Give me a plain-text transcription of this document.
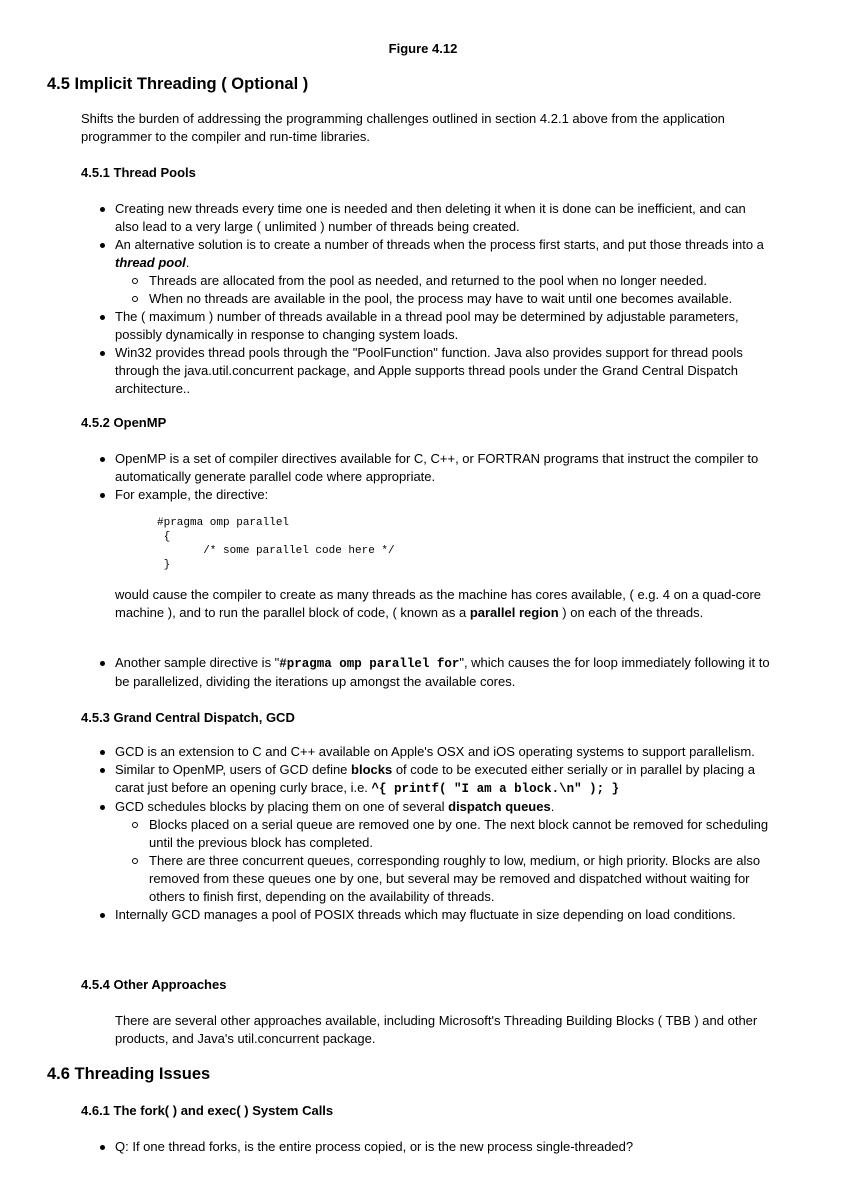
Figure 4.12
4.5 Implicit Threading ( Optional )

Shifts the burden of addressing the programming challenges outlined in section 4.2.1 above from the application programmer to the compiler and run-time libraries.

4.5.1 Thread Pools
Creating new threads every time one is needed and then deleting it when it is done can be inefficient, and can also lead to a very large ( unlimited ) number of threads being created.
An alternative solution is to create a number of threads when the process first starts, and put those threads into a thread pool.
Threads are allocated from the pool as needed, and returned to the pool when no longer needed.
When no threads are available in the pool, the process may have to wait until one becomes available.
The ( maximum ) number of threads available in a thread pool may be determined by adjustable parameters, possibly dynamically in response to changing system loads.
Win32 provides thread pools through the "PoolFunction" function. Java also provides support for thread pools through the java.util.concurrent package, and Apple supports thread pools under the Grand Central Dispatch architecture..
4.5.2 OpenMP
OpenMP is a set of compiler directives available for C, C++, or FORTRAN programs that instruct the compiler to automatically generate parallel code where appropriate.
For example, the directive:
#pragma omp parallel
{
/* some parallel code here */
}

would cause the compiler to create as many threads as the machine has cores available, ( e.g. 4 on a quad-core machine ), and to run the parallel block of code, ( known as a parallel region ) on each of the threads.

Another sample directive is "#pragma omp parallel for", which causes the for loop immediately following it to be parallelized, dividing the iterations up amongst the available cores.
4.5.3 Grand Central Dispatch, GCD
GCD is an extension to C and C++ available on Apple's OSX and iOS operating systems to support parallelism.
Similar to OpenMP, users of GCD define blocks of code to be executed either serially or in parallel by placing a carat just before an opening curly brace, i.e. ^{ printf( "I am a block.\n" ); }
GCD schedules blocks by placing them on one of several dispatch queues.
Blocks placed on a serial queue are removed one by one. The next block cannot be removed for scheduling until the previous block has completed.
There are three concurrent queues, corresponding roughly to low, medium, or high priority. Blocks are also removed from these queues one by one, but several may be removed and dispatched without waiting for others to finish first, depending on the availability of threads.
Internally GCD manages a pool of POSIX threads which may fluctuate in size depending on load conditions.
4.5.4 Other Approaches

There are several other approaches available, including Microsoft's Threading Building Blocks ( TBB ) and other products, and Java's util.concurrent package.

4.6 Threading Issues
4.6.1 The fork( ) and exec( ) System Calls
Q: If one thread forks, is the entire process copied, or is the new process single-threaded?
